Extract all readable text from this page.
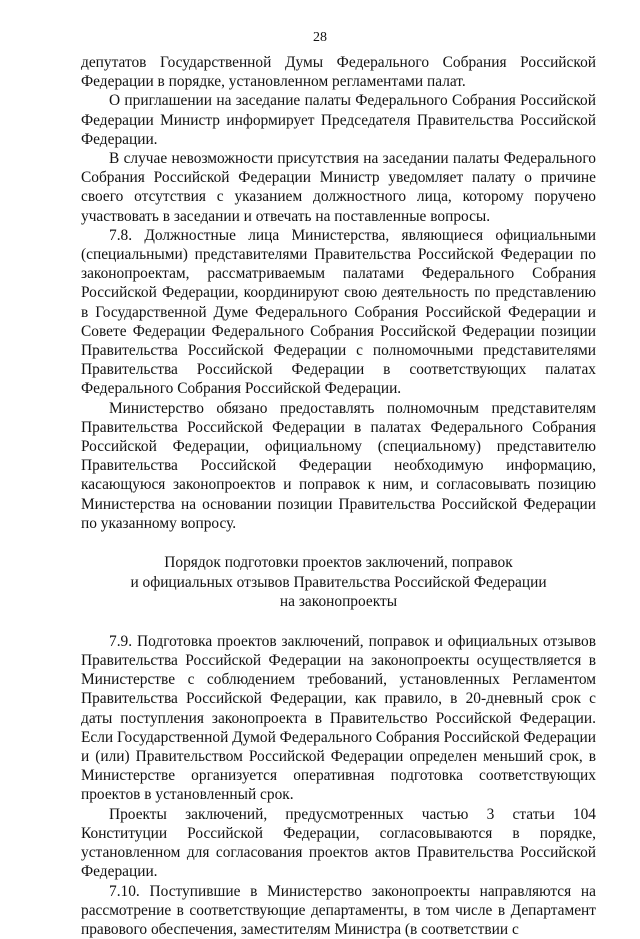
28

депутатов Государственной Думы Федерального Собрания Российской Федерации в порядке, установленном регламентами палат.

О приглашении на заседание палаты Федерального Собрания Российской Федерации Министр информирует Председателя Правительства Российской Федерации.

В случае невозможности присутствия на заседании палаты Федерального Собрания Российской Федерации Министр уведомляет палату о причине своего отсутствия с указанием должностного лица, которому поручено участвовать в заседании и отвечать на поставленные вопросы.

7.8. Должностные лица Министерства, являющиеся официальными (специальными) представителями Правительства Российской Федерации по законопроектам, рассматриваемым палатами Федерального Собрания Российской Федерации, координируют свою деятельность по представлению в Государственной Думе Федерального Собрания Российской Федерации и Совете Федерации Федерального Собрания Российской Федерации позиции Правительства Российской Федерации с полномочными представителями Правительства Российской Федерации в соответствующих палатах Федерального Собрания Российской Федерации.

Министерство обязано предоставлять полномочным представителям Правительства Российской Федерации в палатах Федерального Собрания Российской Федерации, официальному (специальному) представителю Правительства Российской Федерации необходимую информацию, касающуюся законопроектов и поправок к ним, и согласовывать позицию Министерства на основании позиции Правительства Российской Федерации по указанному вопросу.

Порядок подготовки проектов заключений, поправок
и официальных отзывов Правительства Российской Федерации
на законопроекты

7.9. Подготовка проектов заключений, поправок и официальных отзывов Правительства Российской Федерации на законопроекты осуществляется в Министерстве с соблюдением требований, установленных Регламентом Правительства Российской Федерации, как правило, в 20-дневный срок с даты поступления законопроекта в Правительство Российской Федерации. Если Государственной Думой Федерального Собрания Российской Федерации и (или) Правительством Российской Федерации определен меньший срок, в Министерстве организуется оперативная подготовка соответствующих проектов в установленный срок.

Проекты заключений, предусмотренных частью 3 статьи 104 Конституции Российской Федерации, согласовываются в порядке, установленном для согласования проектов актов Правительства Российской Федерации.

7.10. Поступившие в Министерство законопроекты направляются на рассмотрение в соответствующие департаменты, в том числе в Департамент правового обеспечения, заместителям Министра (в соответствии с
